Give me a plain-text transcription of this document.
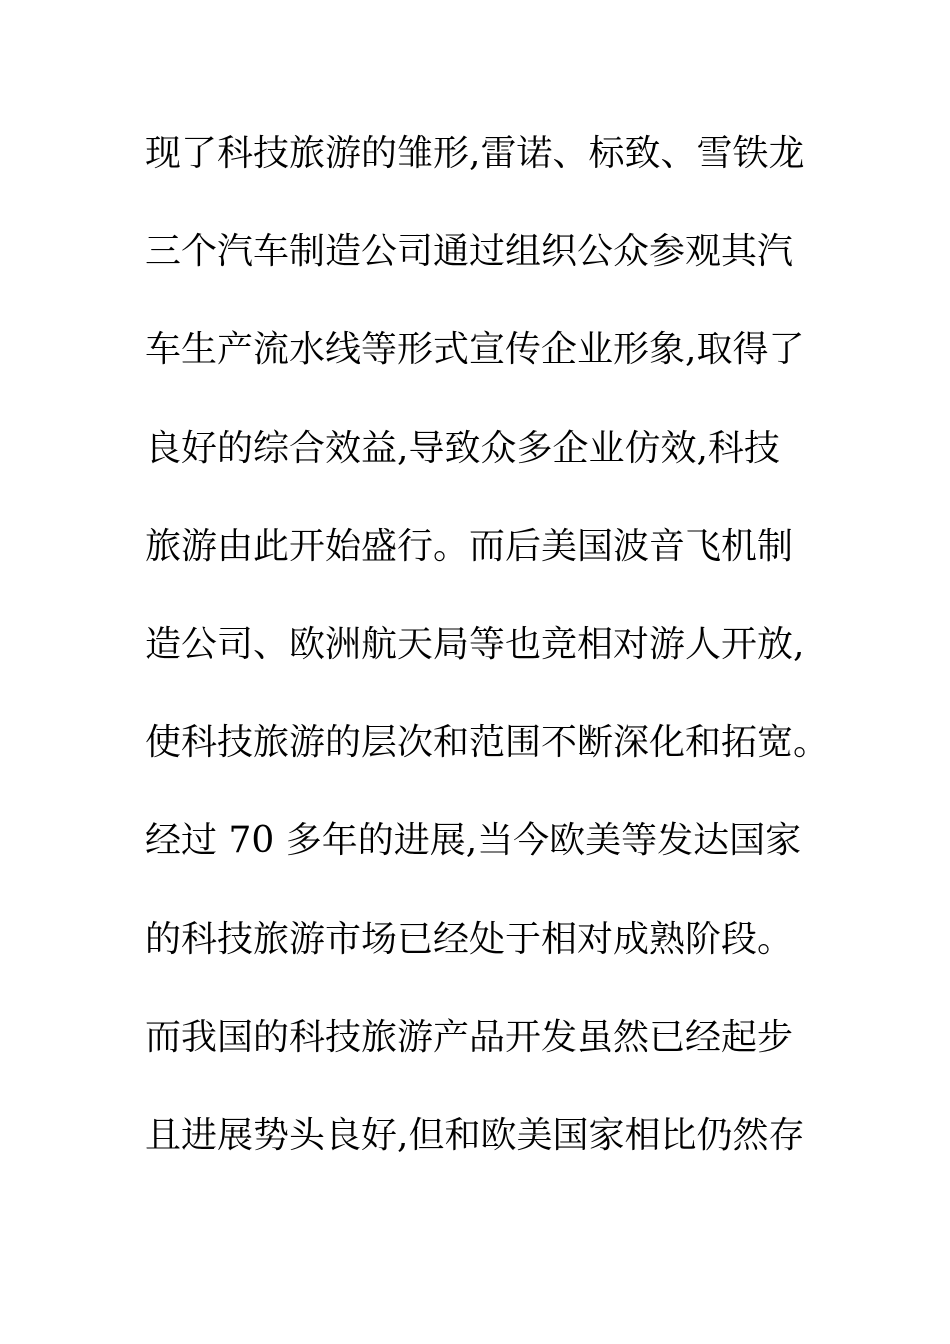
现了科技旅游的雏形,雷诺、标致、雪铁龙
三个汽车制造公司通过组织公众参观其汽
车生产流水线等形式宣传企业形象,取得了
良好的综合效益,导致众多企业仿效,科技
旅游由此开始盛行。而后美国波音飞机制
造公司、欧洲航天局等也竞相对游人开放,
使科技旅游的层次和范围不断深化和拓宽。
经过 70 多年的进展,当今欧美等发达国家
的科技旅游市场已经处于相对成熟阶段。
而我国的科技旅游产品开发虽然已经起步
且进展势头良好,但和欧美国家相比仍然存
